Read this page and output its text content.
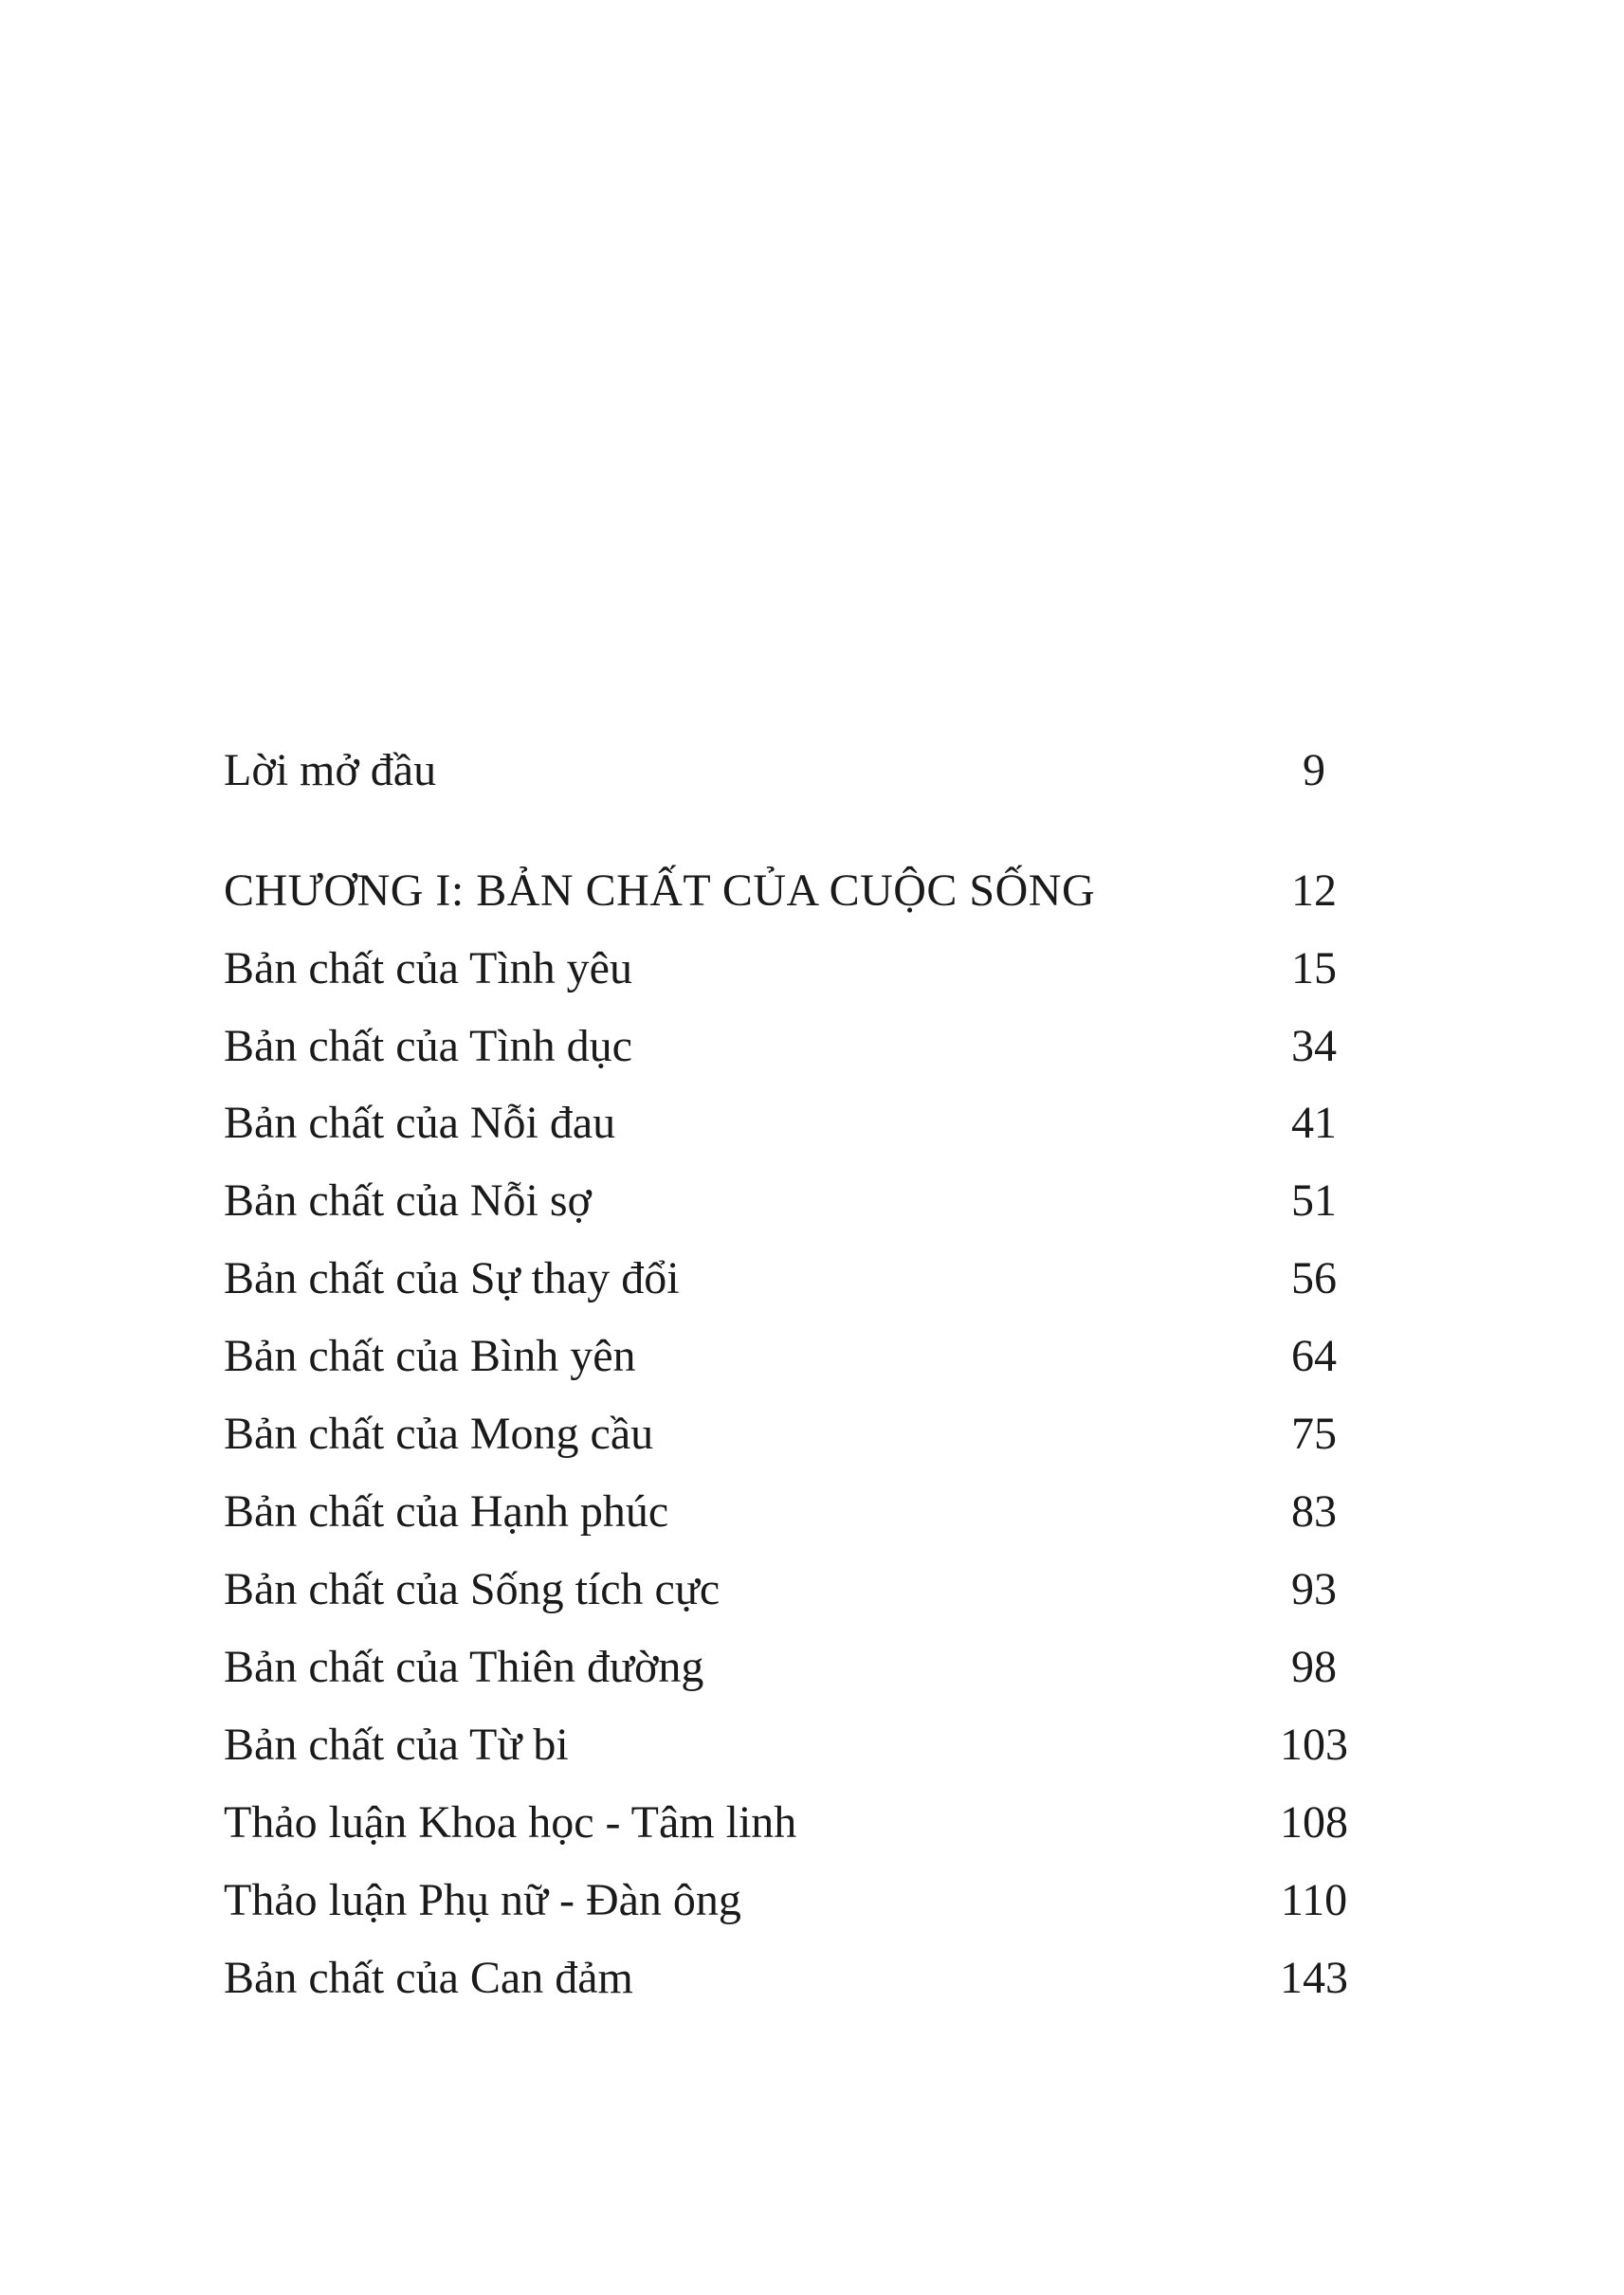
Lời mở đầu	9
CHƯƠNG I: BẢN CHẤT CỦA CUỘC SỐNG	12
Bản chất của Tình yêu	15
Bản chất của Tình dục	34
Bản chất của Nỗi đau	41
Bản chất của Nỗi sợ	51
Bản chất của Sự thay đổi	56
Bản chất của Bình yên	64
Bản chất của Mong cầu	75
Bản chất của Hạnh phúc	83
Bản chất của Sống tích cực	93
Bản chất của Thiên đường	98
Bản chất của Từ bi	103
Thảo luận Khoa học - Tâm linh	108
Thảo luận Phụ nữ - Đàn ông	110
Bản chất của Can đảm	143
